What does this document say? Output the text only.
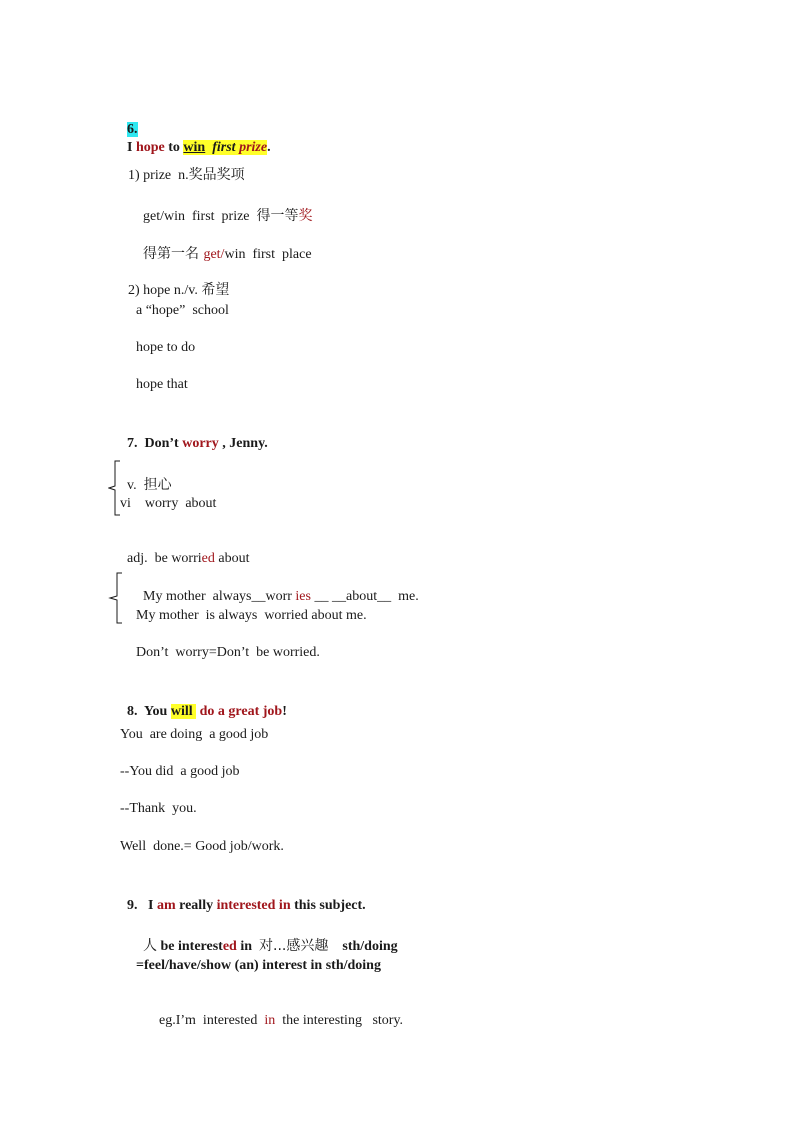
6.
I hope to win first prize.

1) prize  n.奖品奖项

get/win  first  prize  得一等奖

得第一名 get/win  first  place

2) hope n./v. 希望

a “hope”  school
hope to do
hope that

7.  Don’t worry , Jenny.

v.  担心

vi    worry  about

adj.  be worried about

My mother  always__worr ies __ __about__  me.

My mother  is always  worried about me.
Don’t  worry=Don’t  be worried.

8.  You will  do a great job!

You  are doing  a good job
--You did  a good job
--Thank  you.
Well  done.= Good job/work.

9.   I am really interested in this subject.

人 be interested in  对...感兴趣    sth/doing

=feel/have/show (an) interest in sth/doing

eg.I’m  interested  in  the interesting   story.
